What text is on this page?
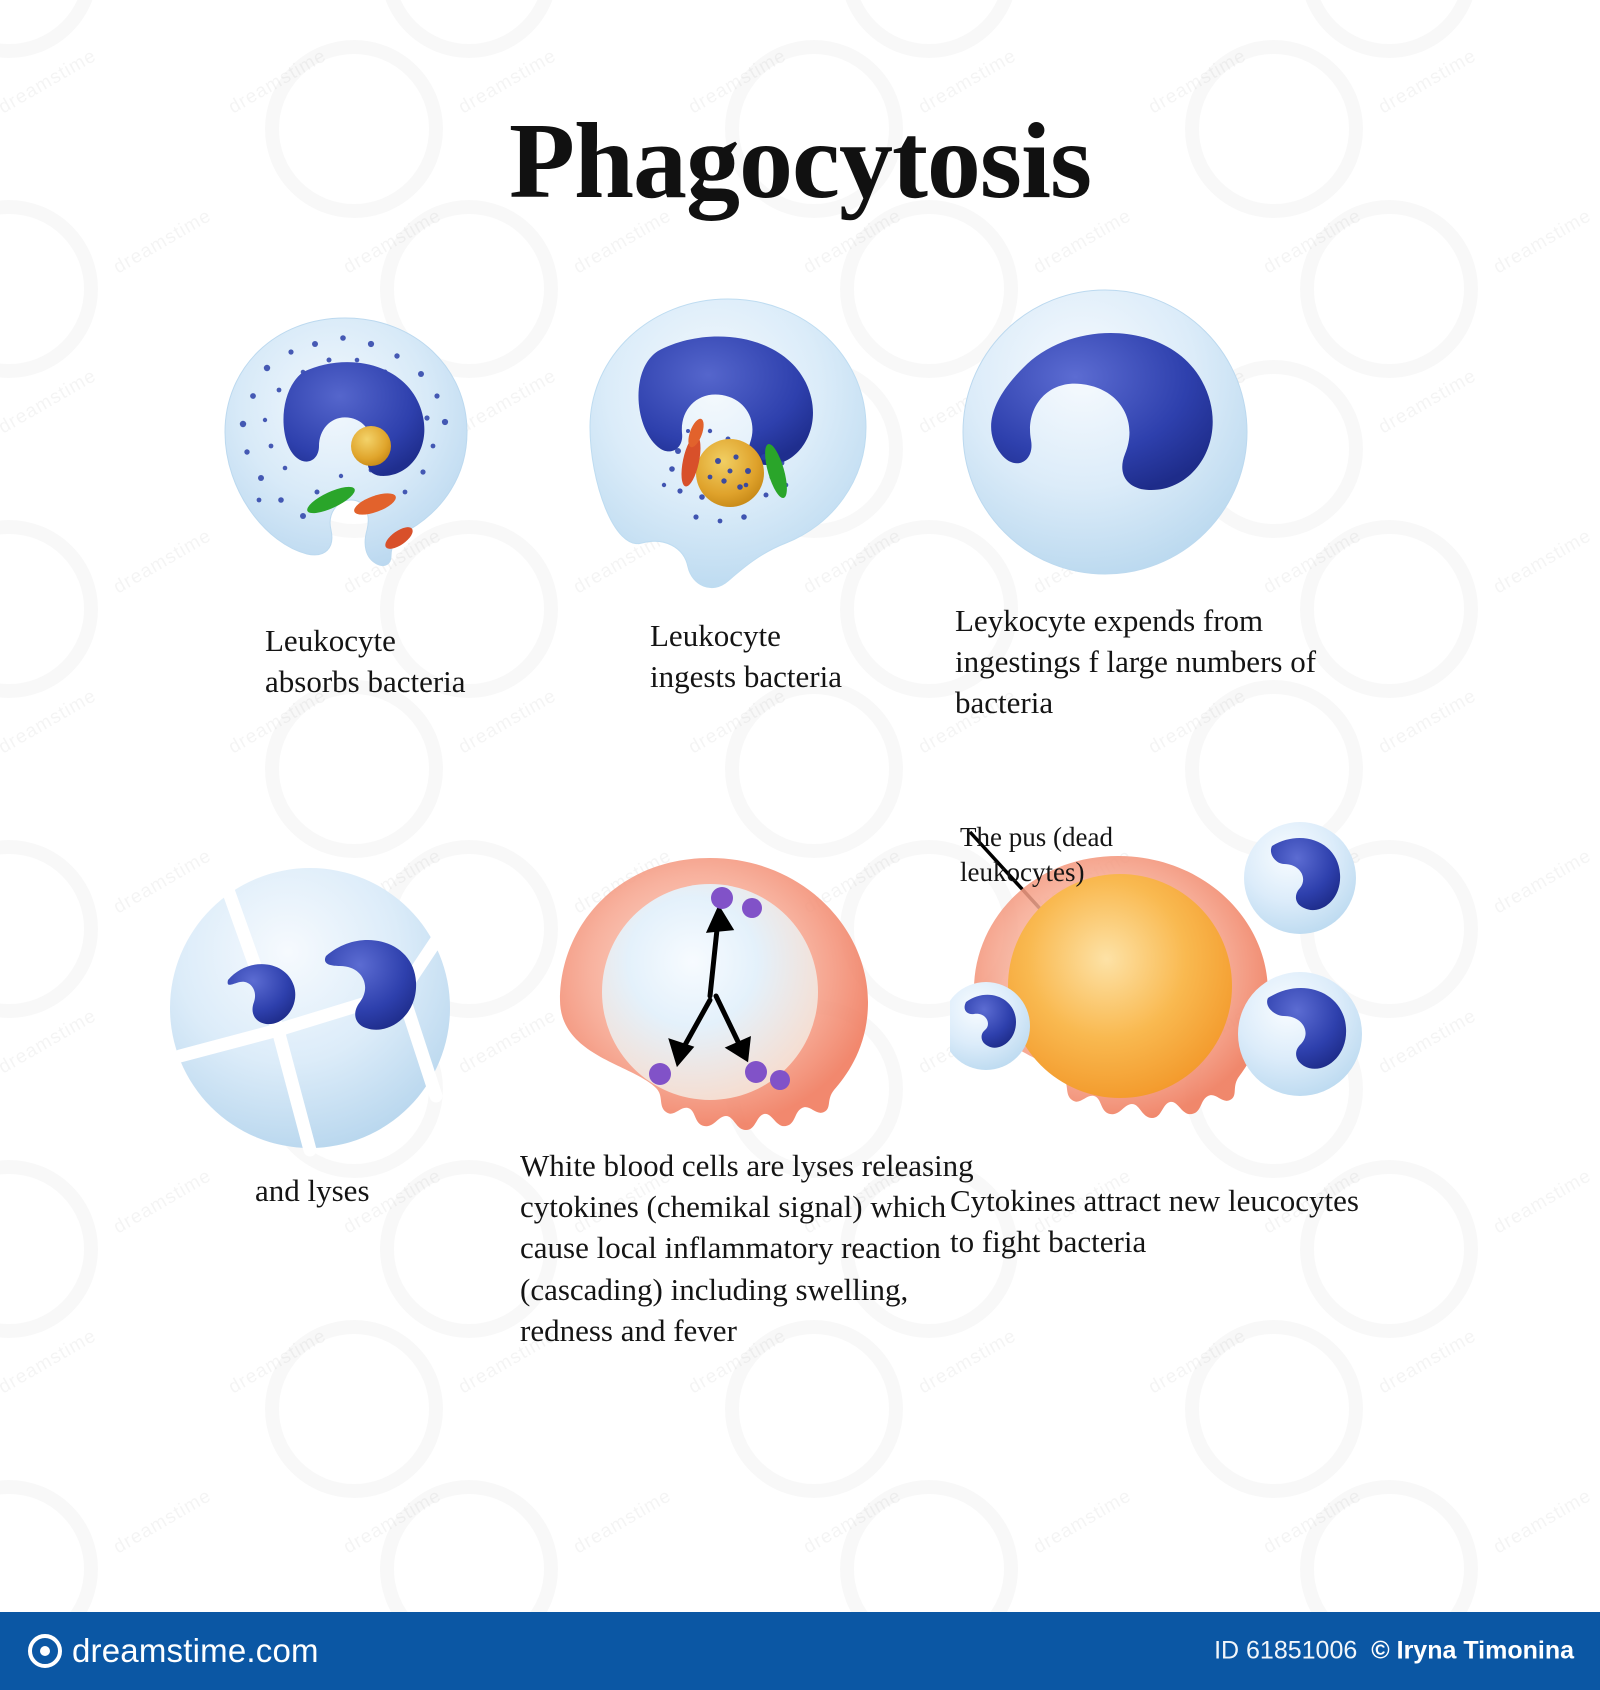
Phagocytosis
Leukocyte absorbs bacteria
Leukocyte ingests bacteria
Leykocyte expends from ingestings f large numbers of bacteria
and lyses
White blood cells are lyses releasing cytokines (chemikal signal) which cause local inflammatory reaction (cascading) including swelling, redness and fever
The pus (dead leukocytes)
Cytokines attract new leucocytes to fight bacteria
dreamstime.com	ID 61851006 © Iryna Timonina
